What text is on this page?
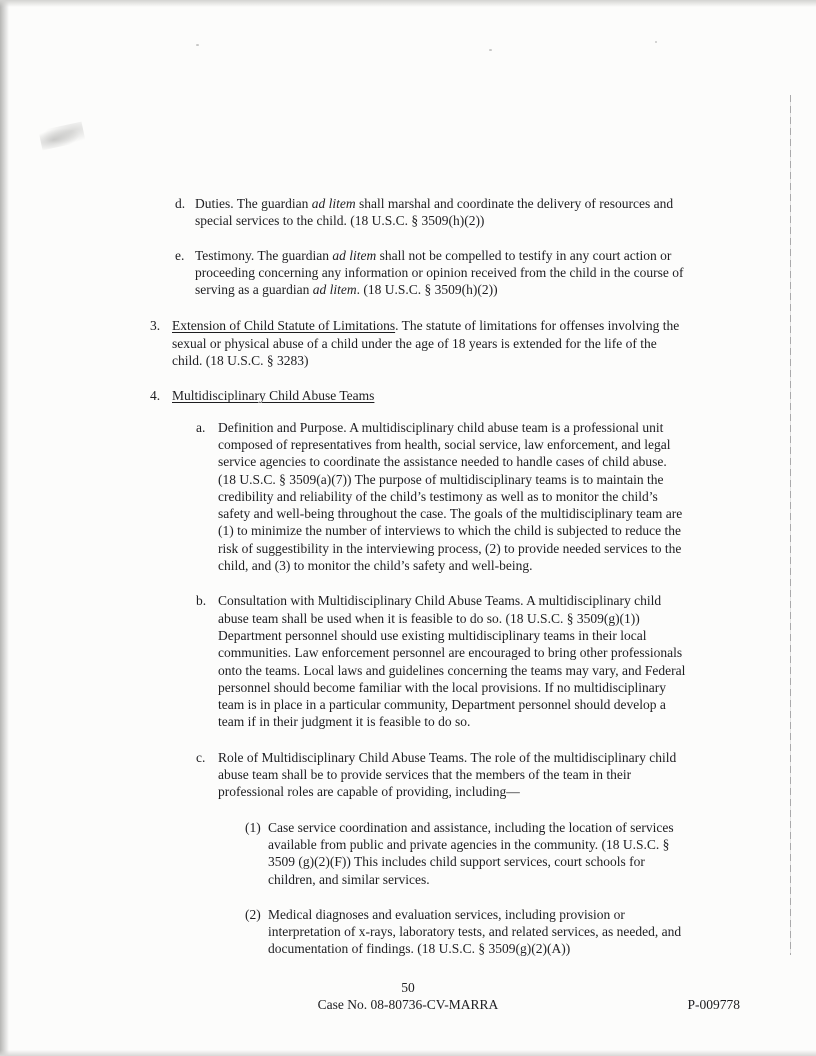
d. Duties. The guardian ad litem shall marshal and coordinate the delivery of resources and special services to the child. (18 U.S.C. § 3509(h)(2))
e. Testimony. The guardian ad litem shall not be compelled to testify in any court action or proceeding concerning any information or opinion received from the child in the course of serving as a guardian ad litem. (18 U.S.C. § 3509(h)(2))
3. Extension of Child Statute of Limitations. The statute of limitations for offenses involving the sexual or physical abuse of a child under the age of 18 years is extended for the life of the child. (18 U.S.C. § 3283)
4. Multidisciplinary Child Abuse Teams
a. Definition and Purpose. A multidisciplinary child abuse team is a professional unit composed of representatives from health, social service, law enforcement, and legal service agencies to coordinate the assistance needed to handle cases of child abuse. (18 U.S.C. § 3509(a)(7)) The purpose of multidisciplinary teams is to maintain the credibility and reliability of the child’s testimony as well as to monitor the child’s safety and well-being throughout the case. The goals of the multidisciplinary team are (1) to minimize the number of interviews to which the child is subjected to reduce the risk of suggestibility in the interviewing process, (2) to provide needed services to the child, and (3) to monitor the child’s safety and well-being.
b. Consultation with Multidisciplinary Child Abuse Teams. A multidisciplinary child abuse team shall be used when it is feasible to do so. (18 U.S.C. § 3509(g)(1)) Department personnel should use existing multidisciplinary teams in their local communities. Law enforcement personnel are encouraged to bring other professionals onto the teams. Local laws and guidelines concerning the teams may vary, and Federal personnel should become familiar with the local provisions. If no multidisciplinary team is in place in a particular community, Department personnel should develop a team if in their judgment it is feasible to do so.
c. Role of Multidisciplinary Child Abuse Teams. The role of the multidisciplinary child abuse team shall be to provide services that the members of the team in their professional roles are capable of providing, including—
(1) Case service coordination and assistance, including the location of services available from public and private agencies in the community. (18 U.S.C. § 3509 (g)(2)(F)) This includes child support services, court schools for children, and similar services.
(2) Medical diagnoses and evaluation services, including provision or interpretation of x-rays, laboratory tests, and related services, as needed, and documentation of findings. (18 U.S.C. § 3509(g)(2)(A))
50
Case No. 08-80736-CV-MARRA	P-009778
